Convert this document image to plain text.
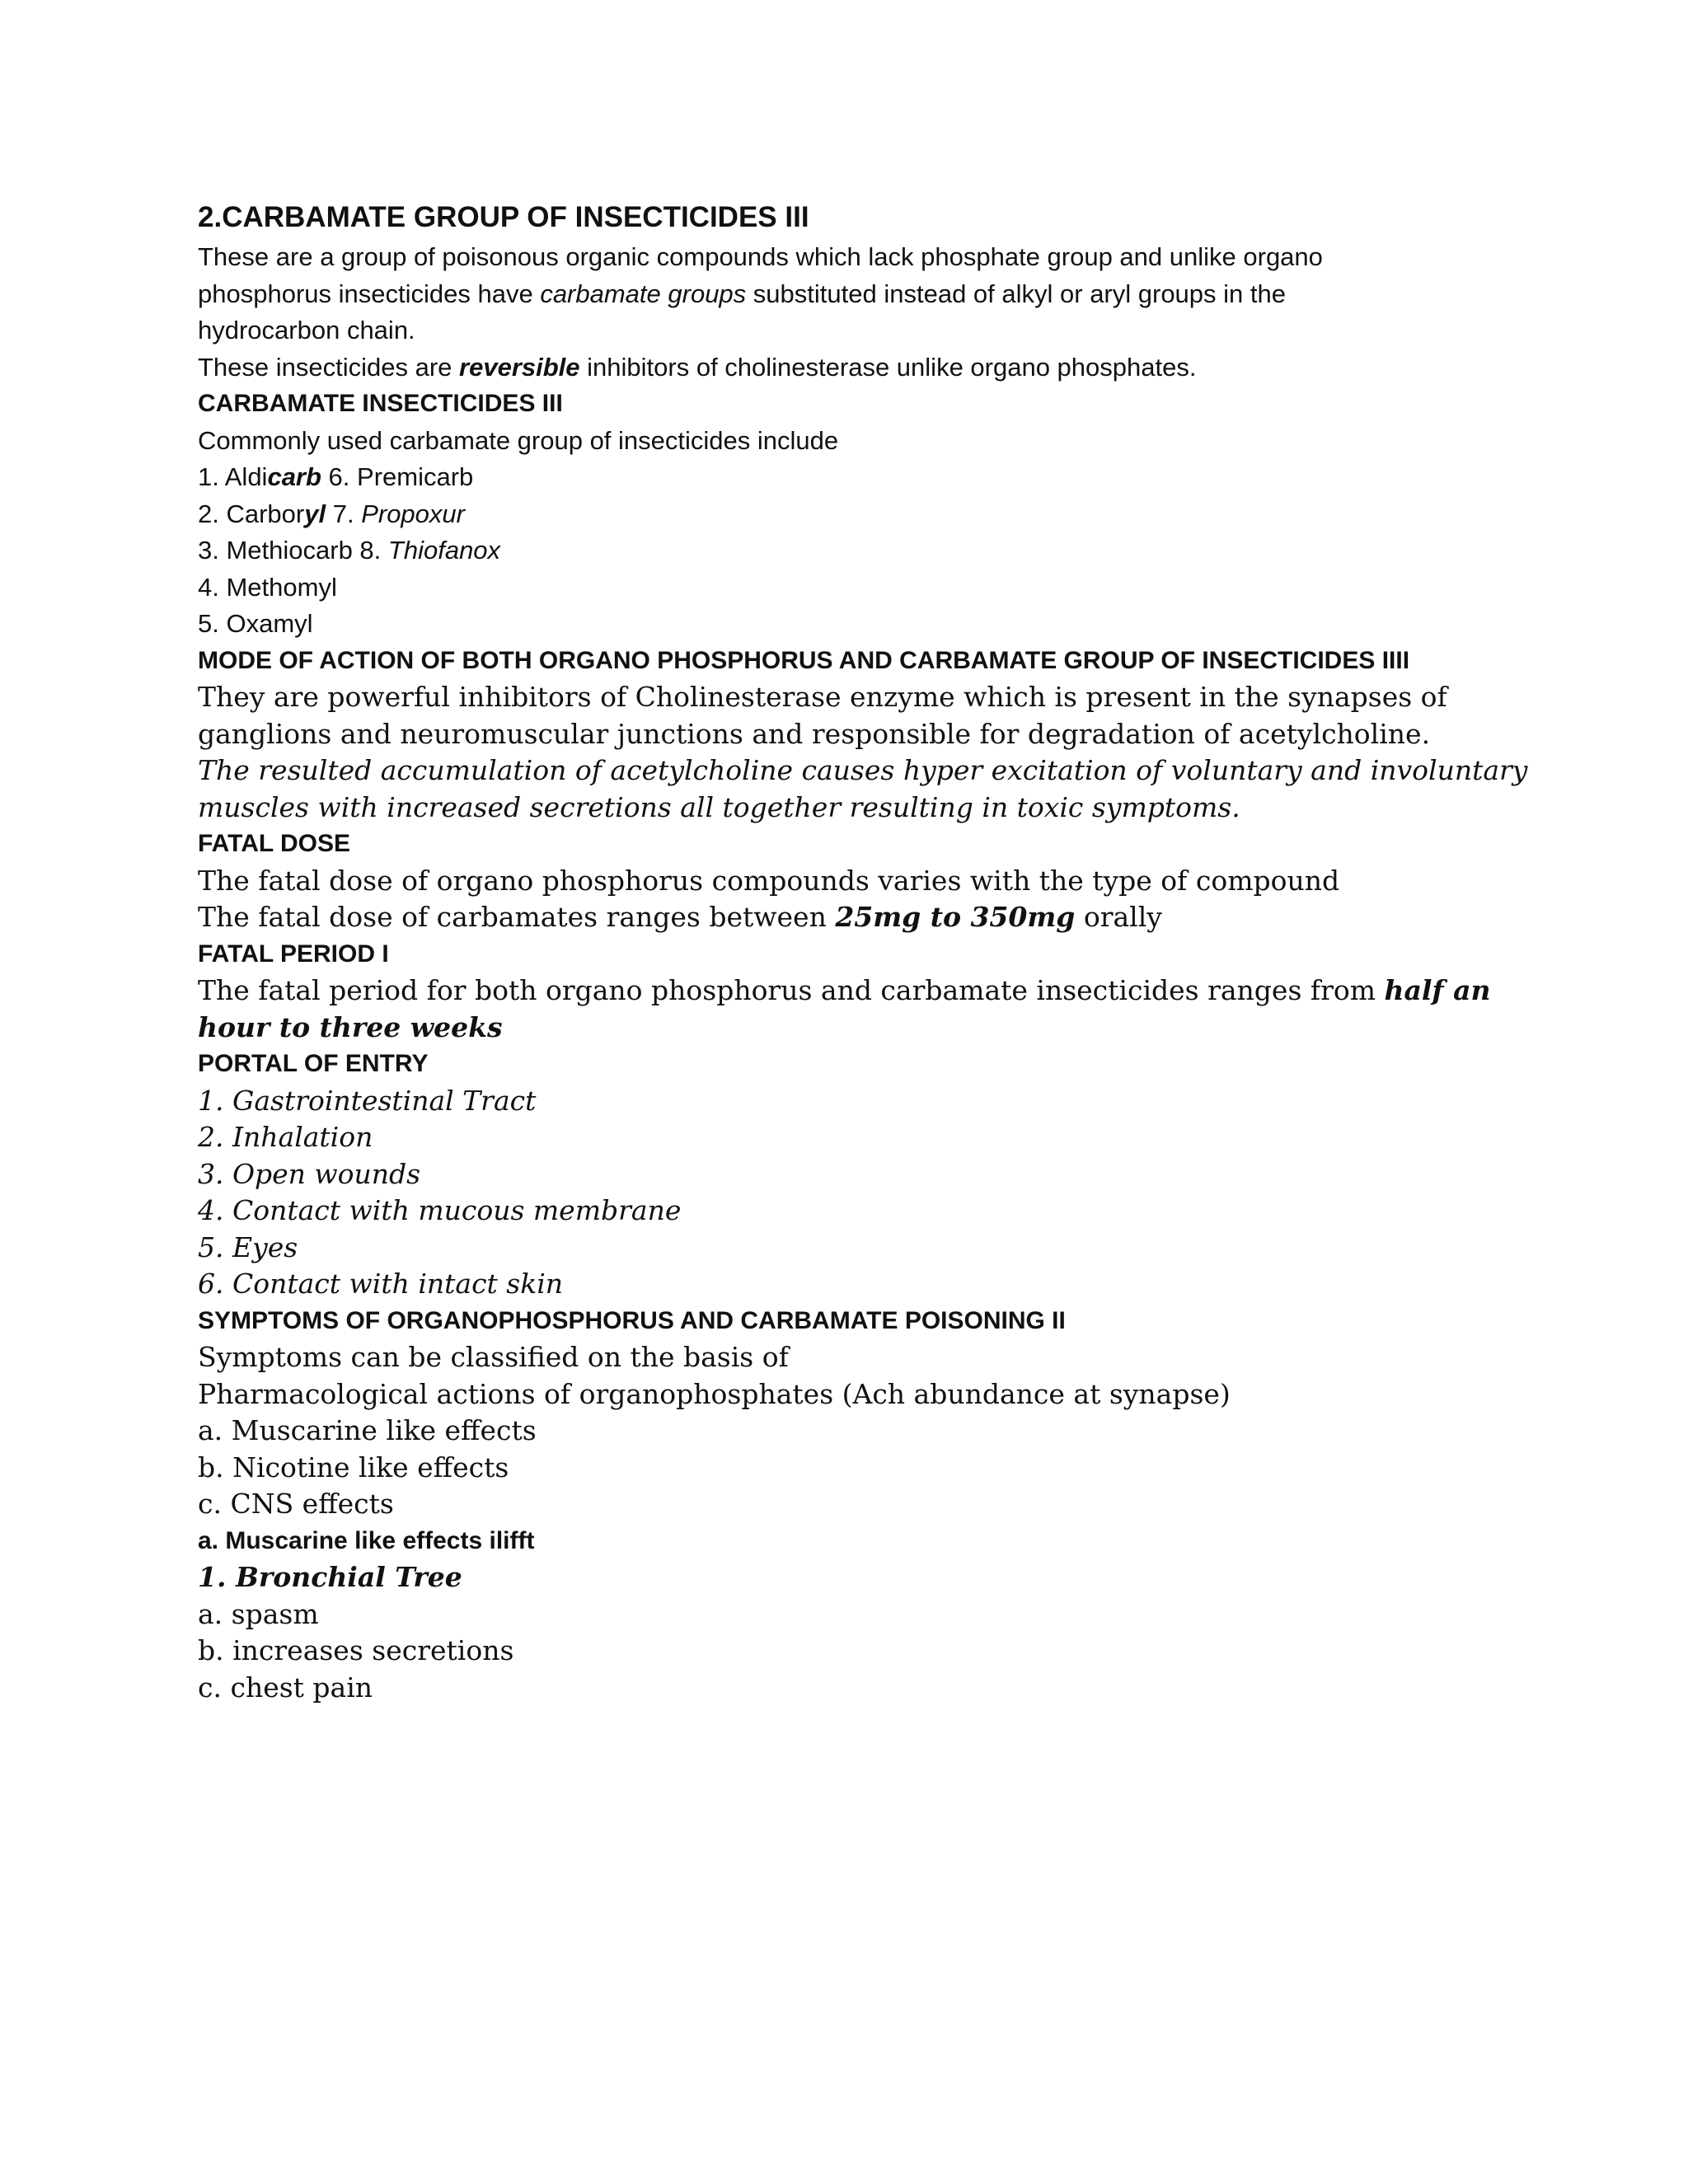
2.CARBAMATE GROUP OF INSECTICIDES III

These are a group of poisonous organic compounds which lack phosphate group and unlike organo

phosphorus insecticides have carbamate groups substituted instead of alkyl or aryl groups in the

hydrocarbon chain.

These insecticides are reversible inhibitors of cholinesterase unlike organo phosphates.

CARBAMATE INSECTICIDES III

Commonly used carbamate group of insecticides include

1. Aldicarb 6. Premicarb

2. Carboryl 7. Propoxur

3. Methiocarb 8. Thiofanox

4. Methomyl

5. Oxamyl

MODE OF ACTION OF BOTH ORGANO PHOSPHORUS AND CARBAMATE GROUP OF INSECTICIDES IIII

They are powerful inhibitors of Cholinesterase enzyme which is present in the synapses of

ganglions and neuromuscular junctions and responsible for degradation of acetylcholine.

The resulted accumulation of acetylcholine causes hyper excitation of voluntary and involuntary

muscles with increased secretions all together resulting in toxic symptoms.

FATAL DOSE

The fatal dose of organo phosphorus compounds varies with the type of compound

The fatal dose of carbamates ranges between 25mg to 350mg orally

FATAL PERIOD I

The fatal period for both organo phosphorus and carbamate insecticides ranges from half an

hour to three weeks

PORTAL OF ENTRY

1. Gastrointestinal Tract

2. Inhalation

3. Open wounds

4. Contact with mucous membrane

5. Eyes

6. Contact with intact skin

SYMPTOMS OF ORGANOPHOSPHORUS AND CARBAMATE POISONING II

Symptoms can be classified on the basis of

Pharmacological actions of organophosphates (Ach abundance at synapse)

a. Muscarine like effects

b. Nicotine like effects

c. CNS effects

a. Muscarine like effects ilifft

1. Bronchial Tree

a. spasm

b. increases secretions

c. chest pain
